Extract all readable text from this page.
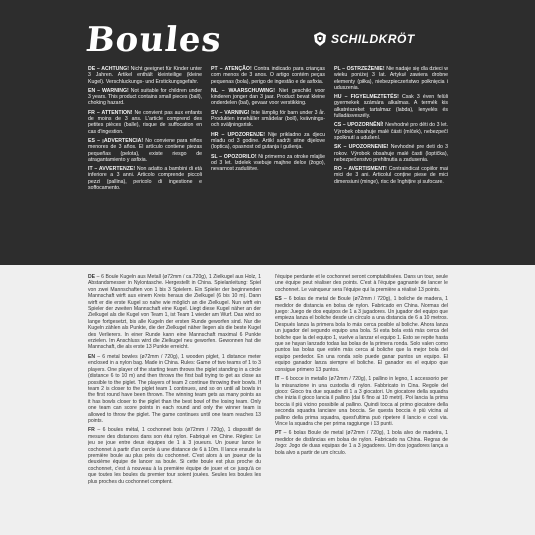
Boules	SCHILDKRÖT
DE – ACHTUNG! Nicht geeignet für Kinder unter 3 Jahren. Artikel enthält kleinteilige (kleine Kugel). Verschluckungs- und Erstickungsgefahr.
EN – WARNING! Not suitable for children under 3 years. This product contains small pieces (ball), choking hazard.
FR – ATTENTION! Ne convient pas aux enfants de moins de 3 ans. L'article comprend des petites pièces (balle), risque de suffocation en cas d'ingestion.
ES – ¡ADVERTENCIA! No conviene para niños menores de 3 años. El artículo contiene piezas pequeñas (pelota), existe riesgo de atragantamiento y asfixia.
IT – AVVERTENZE! Non adatto a bambini di età inferiore a 3 anni. Articolo comprende piccoli pezzi (pallina), pericolo di ingestione e soffocamento.
PT – ATENÇÃO! Contra indicado para crianças com menos de 3 anos. O artigo contém peças pequenas (bola), perigo de ingestão e de asfixia.
NL – WAARSCHUWING! Niet geschikt voor kinderen jonger dan 3 jaar. Product bevat kleine onderdelen (bal), gevaar voor verstikking.
SV – VARNING! Inte lämplig för barn under 3 år. Produkten innehåller smådelar (boll), kvävnings- och sväljningsrisk.
HR – UPOZORENJE! Nije prikladno za djecu mlađu od 3 godine. Artikl sadrži sitne dijelove (loptica), opasnost od gutanja i gušenja.
SL – OPOZORILO! Ni primerno za otroke mlajše od 3 let. Izdelek vsebuje majhne delce (žogo), nevarnost zadušitve.
PL – OSTRZEŻENIE! Nie nadaje się dla dzieci w wieku poniżej 3 lat. Artykuł zawiera drobne elementy (piłka), niebezpieczeństwo połknięcia i uduszenia.
HU – FIGYELMEZTETÉS! Csak 3 éven felüli gyermekek számára alkalmas. A termék kis alkatrészeket tartalmaz (labda), lenyelés és fulladásveszély.
CS – UPOZORNĚNÍ! Nevhodné pro děti do 3 let. Výrobek obsahuje malé části (míček), nebezpečí spolknutí a udušení.
SK – UPOZORNENIE! Nevhodné pre deti do 3 rokov. Výrobok obsahuje malé časti (loptička), nebezpečenstvo prehltnutia a zadusenia.
RO – AVERTISMENT! Contraindicat copiilor mai mici de 3 ani. Articolul conține piese de mici dimensiuni (minge), risc de înghițire și sufocare.
DE – 6 Boule Kugeln aus Metall (ø72mm / ca.720g), 1 Zielkugel aus Holz, 1 Abstandsmesser in Nylontasche. Hergestellt in China. Spielanleitung: Spiel von zwei Mannschaften von 1 bis 3 Spielern. Ein Spieler der beginnenden Mannschaft wirft aus einem Kreis heraus die Zielkugel (6 bis 10 m). Dann wirft er die erste Kugel so nahe wie möglich an die Zielkugel. Nun wirft ein Spieler der zweiten Mannschaft eine Kugel. Liegt diese Kugel näher an der Zielkugel als die Kugel von Team 1, ist Team 1 wieder am Wurf. Das wird so lange fortgesetzt, bis alle Kugeln der ersten Runde geworfen sind. Nur die Kugeln zählen als Punkte, die der Zielkugel näher liegen als die beste Kugel des Verlierers. In einer Runde kann eine Mannschaft maximal 6 Punkte erzielen. Im Anschluss wird die Zielkugel neu geworfen. Gewonnen hat die Mannschaft, die als erste 13 Punkte erreicht.
EN – 6 metal bowles (ø72mm / 720g), 1 wooden piglet, 1 distance meter enclosed in a nylon bag. Made in China. Rules: Game of two teams of 1 to 3 players. One player of the starting team throws the piglet standing in a circle (distance 6 to 10 m) and then throws the first ball trying to get as close as possible to the piglet. The players of team 2 continue throwing their bowls. If team 2 is closer to the piglet team 1 continues, and so on until all bowls in the first round have been thrown. The winning team gets as many points as it has bowls closer to the piglet than the best bowl of the losing team. Only one team can score points in each round and only the winner team is allowed to throw the piglet. The game continues until one team reaches 13 points.
FR – 6 boules métal, 1 cochonnet bois (ø72mm / 720g), 1 dispositif de mesure des distances dans son étui nylon. Fabriqué en Chine. Règles: Le jeu se joue entre deux équipes de 1 à 3 joueurs. Un joueur lance le cochonnet à partir d'un cercle à une distance de 6 à 10m. Il lance ensuite la première boule au plus près du cochonnet. C'est alors à un joueur de la deuxième équipe de lancer sa boule. Si cette boule est plus proche du cochonnet, c'est à nouveau à la première équipe de jouer et ce jusqu'à ce que toutes les boules du premier tour soient jouées. Seules les boules les plus proches du cochonnet comptent.
l'équipe perdante et le cochonnet seront comptabilisées. Dans un tour, seule une équipe peut réaliser des points. C'est à l'équipe gagnante de lancer le cochonnet. Le vainqueur sera l'équipe qui la première a réalisé 13 points.
ES – 6 bolas de metal de Boule (ø72mm / 720g), 1 boliche de madera, 1 medidor de distancia en bolsa de nylon. Fabricado en China. Normas del juego: Juego de dos equipos de 1 a 3 jugadores. Un jugador del equipo que empieza lanza el boliche desde un círculo a una distancia de 6 a 10 metros. Después lanza la primera bola lo más cerca posible al boliche. Ahora lanza un jugador del segundo equipo una bola. Si esta bola está más cerca del boliche que la del equipo 1, vuelve a lanzar el equipo 1. Esto se repite hasta que se hayan lanzado todas las bolas de la primera ronda. Solo valen como puntos las bolas que estén más cerca al boliche que la mejor bola del equipo perdedor. En una ronda solo puede ganar puntos un equipo. El equipo ganador lanza siempre el boliche. El ganador es el equipo que consigue primero 13 puntos.
IT – 6 bocce in metallo (ø72mm / 720g), 1 pallino in legno, 1 accessorio per la misurazione in una custodia di nylon. Fabbricato in Cina. Regole del gioco: Gioco tra due squadre di 1 a 3 giocatori. Un giocatore della squadra che inizia il gioco lancia il pallino (dai 6 fino ai 10 metri). Poi lancia la prima boccia il più vicino possibile al pallino. Quindi tocca al primo giocatore della seconda squadra lanciare una boccia. Se questa boccia è più vicina al pallino della prima squadra, quest'ultima può ripetere il lancio e così via. Vince la squadra che per prima raggiunge i 13 punti.
PT – 6 bolas Boule de metal (ø72mm / 720g), 1 bola alvo de madeira, 1 medidor de distâncias em bolsa de nylon. Fabricado na China. Regras de Jogo: Jogo de duas equipas de 1 a 3 jogadores. Um dos jogadores lança a bola alvo a partir de um círculo.
